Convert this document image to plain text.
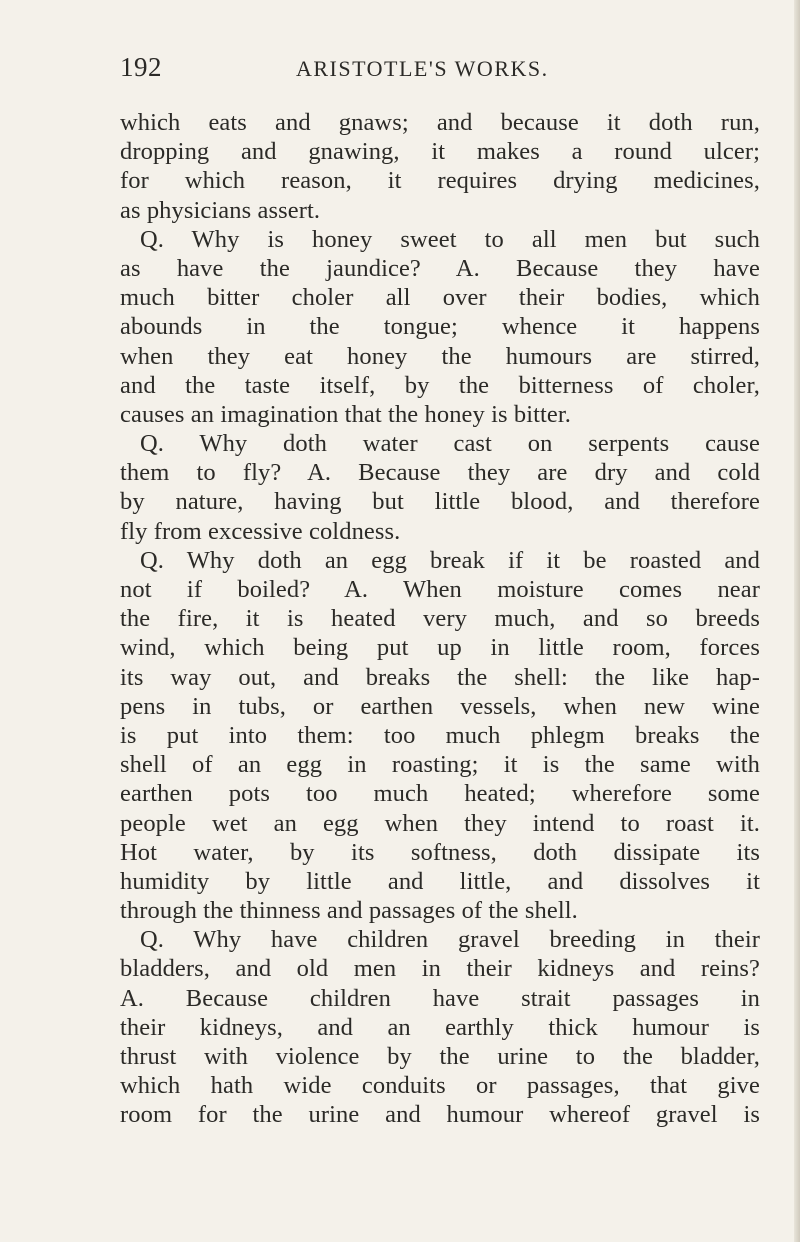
192	ARISTOTLE'S WORKS.
which eats and gnaws; and because it doth run,
dropping and gnawing, it makes a round ulcer;
for which reason, it requires drying medicines,
as physicians assert.
Q. Why is honey sweet to all men but such
as have the jaundice? A. Because they have
much bitter choler all over their bodies, which
abounds in the tongue; whence it happens
when they eat honey the humours are stirred,
and the taste itself, by the bitterness of choler,
causes an imagination that the honey is bitter.
Q. Why doth water cast on serpents cause
them to fly? A. Because they are dry and cold
by nature, having but little blood, and therefore
fly from excessive coldness.
Q. Why doth an egg break if it be roasted and
not if boiled? A. When moisture comes near
the fire, it is heated very much, and so breeds
wind, which being put up in little room, forces
its way out, and breaks the shell: the like hap-
pens in tubs, or earthen vessels, when new wine
is put into them: too much phlegm breaks the
shell of an egg in roasting; it is the same with
earthen pots too much heated; wherefore some
people wet an egg when they intend to roast it.
Hot water, by its softness, doth dissipate its
humidity by little and little, and dissolves it
through the thinness and passages of the shell.
Q. Why have children gravel breeding in their
bladders, and old men in their kidneys and reins?
A. Because children have strait passages in
their kidneys, and an earthly thick humour is
thrust with violence by the urine to the bladder,
which hath wide conduits or passages, that give
room for the urine and humour whereof gravel is
